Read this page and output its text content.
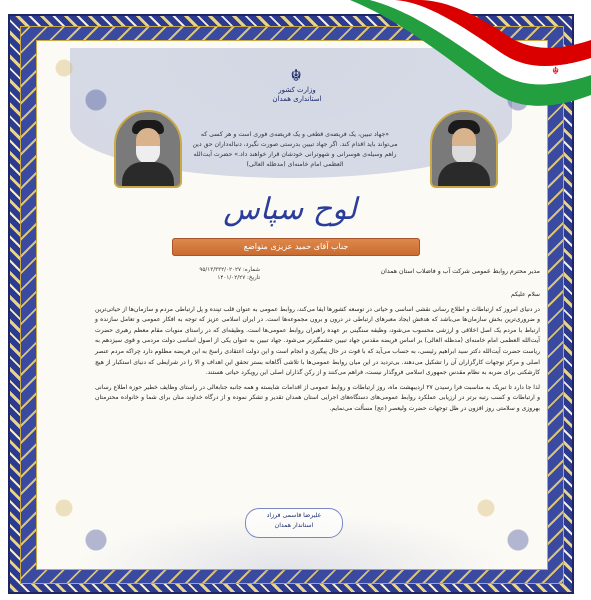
☬
☬
وزارت کشور
استانداری همدان
«جهاد تبیین، یک فریضه‌ی قطعی و یک فریضه‌ی فوری است و هر کسی که می‌تواند باید اقدام کند. اگر جهاد تبیین بدرستی صورت نگیرد، دنباله‌داران حق دین راهم وسیله‌ی هوسرانی و شهوترانی خودشان قرار خواهند داد.» حضرت آیت‌الله العظمی امام خامنه‌ای (مدظله العالی)
لوح سپاس
جناب آقای حمید عزیزی متواضع
شماره: ۹۵/۱۳/۳۳۲/۰۲۰۲۷
تاریخ: ۱۴۰۱/۰۲/۲۷
مدیر محترم روابط عمومی شرکت آب و فاضلاب استان همدان

سلام علیکم

در دنیای امروز که ارتباطات و اطلاع رسانی نقشی اساسی و حیاتی در توسعه کشورها ایفا می‌کند، روابط عمومی به عنوان قلب تپنده و پل ارتباطی مردم و سازمان‌ها از حیاتی‌ترین و ضروری‌ترین بخش سازمان‌ها می‌باشد که هدفش ایجاد معبرهای ارتباطی در درون و برون مجموعه‌ها است. در ایران اسلامی عزیز که توجه به افکار عمومی و تعامل سازنده و ارتباط با مردم یک اصل اخلاقی و ارزشی محسوب می‌شود، وظیفه سنگینی بر عهده راهبران روابط عمومی‌ها است. وظیفه‌ای که در راستای منویات مقام معظم رهبری حضرت آیت‌الله العظمی امام خامنه‌ای (مدظله العالی) بر اساس فریضه مقدس جهاد تبیین جشمگیرتر می‌شود. جهاد تبیین به عنوان یکی از اصول اساسی دولت مردمی و قوی سیزدهم به ریاست حضرت آیت‌الله دکتر سید ابراهیم رئیسی، به حساب می‌آید که با قوت در حال پیگیری و انجام است و این دولت اعتقادی راسخ به این فریضه مظلوم دارد چراکه مردم عنصر اصلی و مرکز توجهات کارگزاران آن را تشکیل می‌دهند. بی‌تردید در این میان روابط عمومی‌ها با تلاشی آگاهانه بستر تحقق این اهداف و الا را در شرایطی که دنیای استکبار از هیچ کارشکنی برای ضربه به نظام مقدس جمهوری اسلامی فروگذار نیست، فراهم می‌کنند و از رکن گذاران اصلی این رویکرد حیاتی هستند.

لذا جا دارد تا تبریک به مناسبت فرا رسیدن ۲۷ اردیبهشت ماه، روز ارتباطات و روابط عمومی از اقدامات شایسته و همه جانبه جنابعالی در راستای وظایف خطیر حوزه اطلاع رسانی و ارتباطات و کسب رتبه برتر در ارزیابی عملکرد روابط عمومی‌های دستگاه‌های اجرایی استان همدان تقدیر و تشکر نموده و از درگاه خداوند منان برای شما و خانواده محترمتان بهروزی و سلامتی روز افزون در ظل توجهات حضرت ولیعصر (عج) مسألت می‌نمایم.

علیرضا قاسمی فرزاد
استاندار همدان
